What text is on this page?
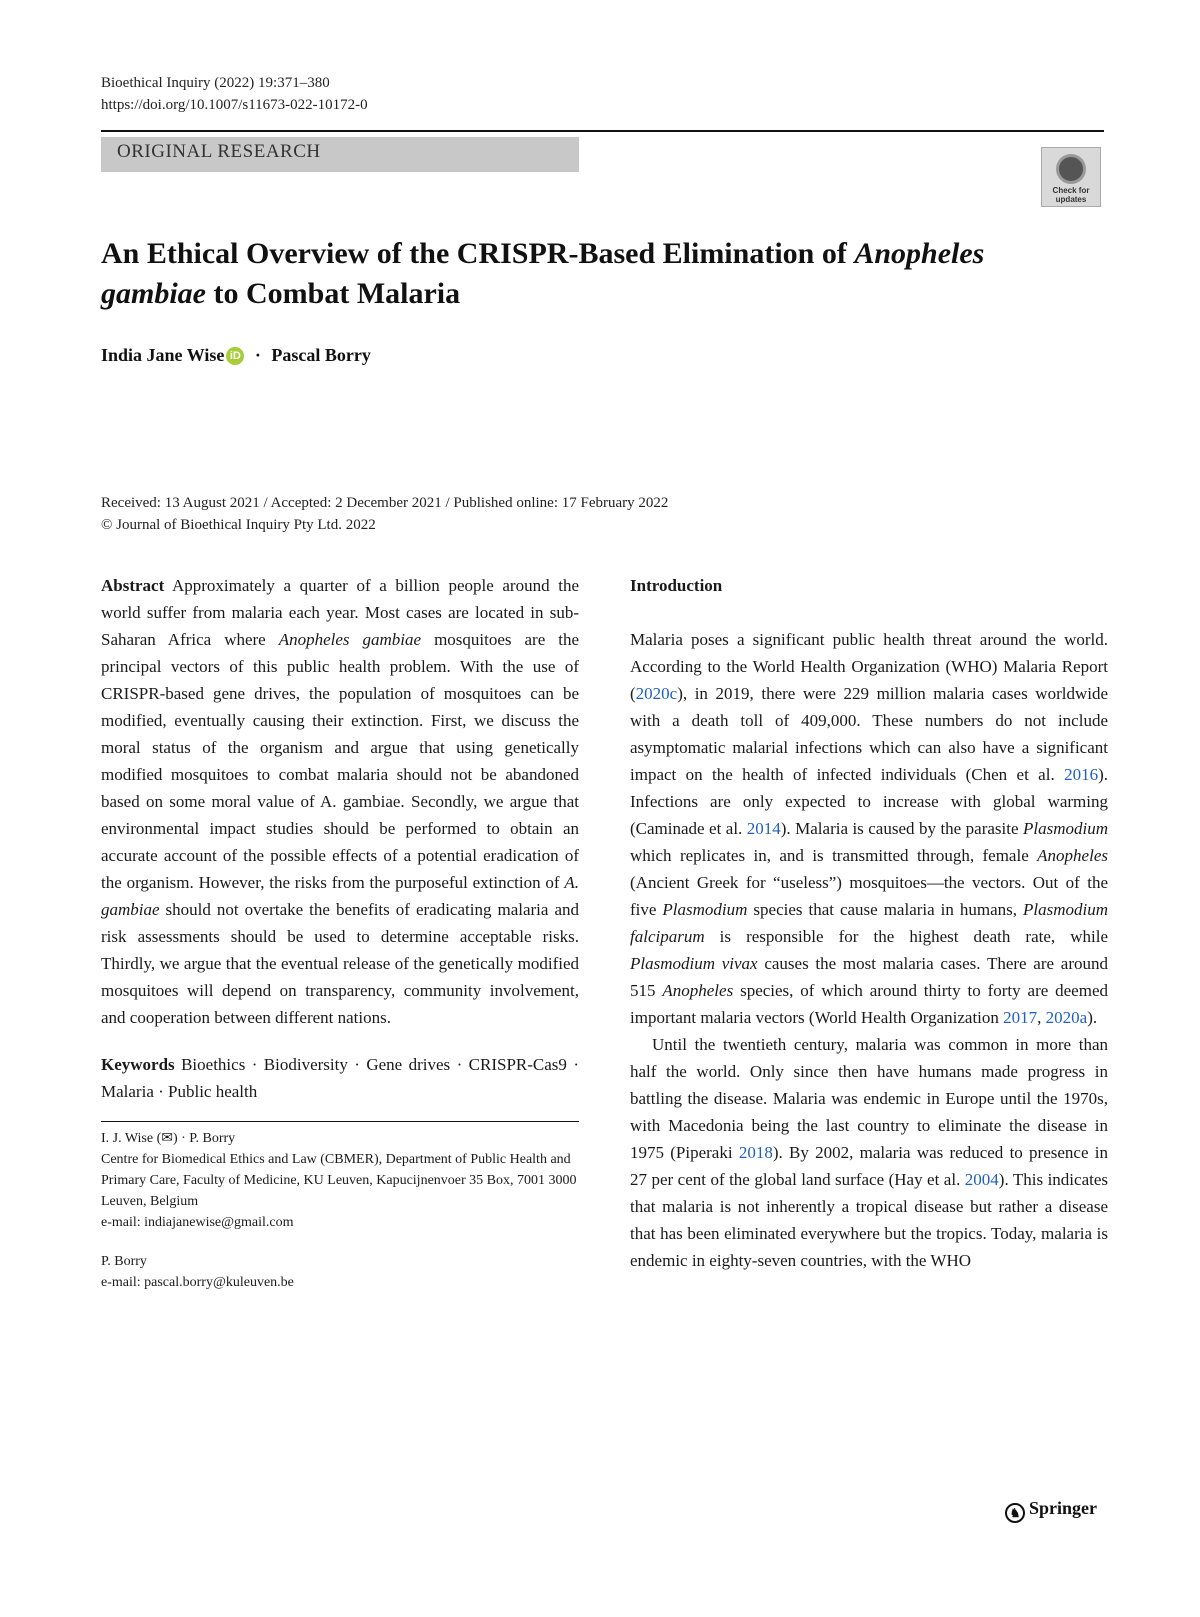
Bioethical Inquiry (2022) 19:371–380
https://doi.org/10.1007/s11673-022-10172-0
ORIGINAL RESEARCH
Check for updates
An Ethical Overview of the CRISPR-Based Elimination of Anopheles gambiae to Combat Malaria
India Jane Wise iD · Pascal Borry
Received: 13 August 2021 / Accepted: 2 December 2021 / Published online: 17 February 2022
© Journal of Bioethical Inquiry Pty Ltd. 2022

Abstract Approximately a quarter of a billion people around the world suffer from malaria each year. Most cases are located in sub-Saharan Africa where Anopheles gambiae mosquitoes are the principal vectors of this public health problem. With the use of CRISPR-based gene drives, the population of mosquitoes can be modified, eventually causing their extinction. First, we discuss the moral status of the organism and argue that using genetically modified mosquitoes to combat malaria should not be abandoned based on some moral value of A. gambiae. Secondly, we argue that environmental impact studies should be performed to obtain an accurate account of the possible effects of a potential eradication of the organism. However, the risks from the purposeful extinction of A. gambiae should not overtake the benefits of eradicating malaria and risk assessments should be used to determine acceptable risks. Thirdly, we argue that the eventual release of the genetically modified mosquitoes will depend on transparency, community involvement, and cooperation between different nations.

Keywords Bioethics · Biodiversity · Gene drives · CRISPR-Cas9 · Malaria · Public health

I. J. Wise (✉) · P. Borry

Centre for Biomedical Ethics and Law (CBMER), Department of Public Health and Primary Care, Faculty of Medicine, KU Leuven, Kapucijnenvoer 35 Box, 7001 3000 Leuven, Belgium

e-mail: indiajanewise@gmail.com

P. Borry

e-mail: pascal.borry@kuleuven.be

Introduction

Malaria poses a significant public health threat around the world. According to the World Health Organization (WHO) Malaria Report (2020c), in 2019, there were 229 million malaria cases worldwide with a death toll of 409,000. These numbers do not include asymptomatic malarial infections which can also have a significant impact on the health of infected individuals (Chen et al. 2016). Infections are only expected to increase with global warming (Caminade et al. 2014). Malaria is caused by the parasite Plasmodium which replicates in, and is transmitted through, female Anopheles (Ancient Greek for “useless”) mosquitoes—the vectors. Out of the five Plasmodium species that cause malaria in humans, Plasmodium falciparum is responsible for the highest death rate, while Plasmodium vivax causes the most malaria cases. There are around 515 Anopheles species, of which around thirty to forty are deemed important malaria vectors (World Health Organization 2017, 2020a).

Until the twentieth century, malaria was common in more than half the world. Only since then have humans made progress in battling the disease. Malaria was endemic in Europe until the 1970s, with Macedonia being the last country to eliminate the disease in 1975 (Piperaki 2018). By 2002, malaria was reduced to presence in 27 per cent of the global land surface (Hay et al. 2004). This indicates that malaria is not inherently a tropical disease but rather a disease that has been eliminated everywhere but the tropics. Today, malaria is endemic in eighty-seven countries, with the WHO

♞ Springer
